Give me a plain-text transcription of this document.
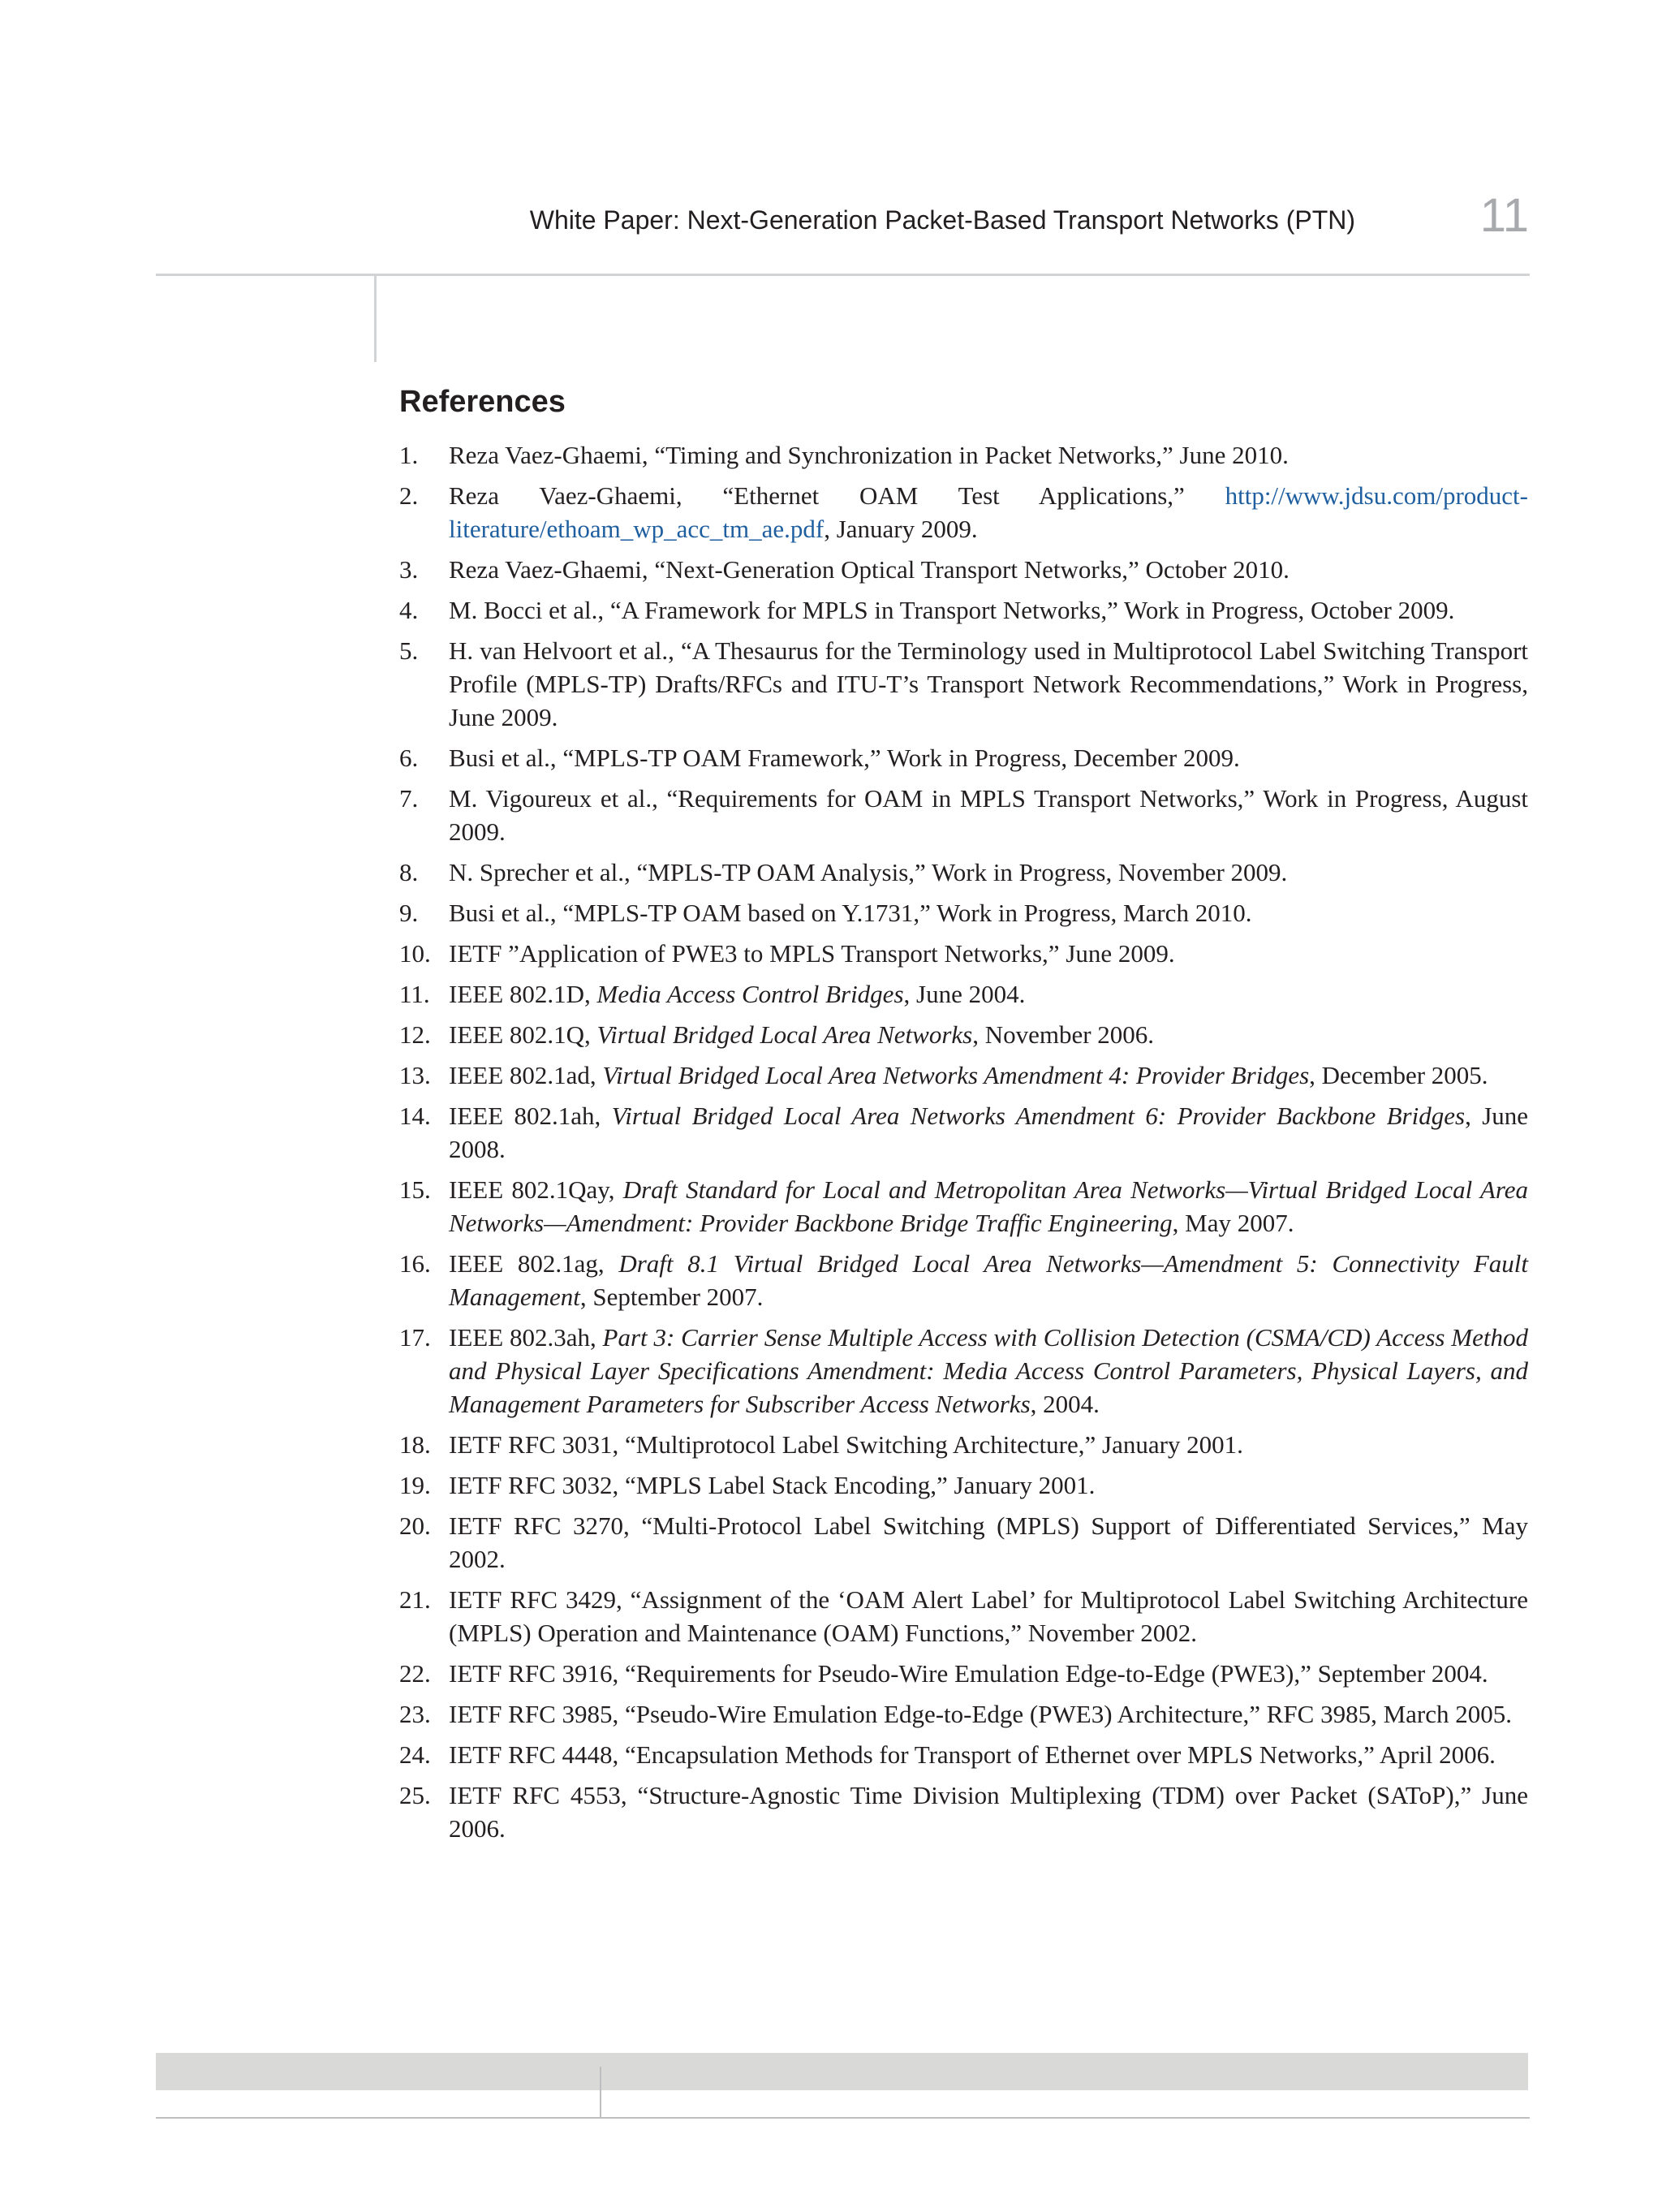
White Paper: Next-Generation Packet-Based Transport Networks (PTN)	11
References
1.	Reza Vaez-Ghaemi, “Timing and Synchronization in Packet Networks,” June 2010.
2.	Reza Vaez-Ghaemi, “Ethernet OAM Test Applications,” http://www.jdsu.com/product-literature/ethoam_wp_acc_tm_ae.pdf, January 2009.
3.	Reza Vaez-Ghaemi, “Next-Generation Optical Transport Networks,” October 2010.
4.	M. Bocci et al., “A Framework for MPLS in Transport Networks,” Work in Progress, October 2009.
5.	H. van Helvoort et al., “A Thesaurus for the Terminology used in Multiprotocol Label Switching Transport Profile (MPLS-TP) Drafts/RFCs and ITU-T’s Transport Network Recommendations,” Work in Progress, June 2009.
6.	Busi et al., “MPLS-TP OAM Framework,” Work in Progress, December 2009.
7.	M. Vigoureux et al., “Requirements for OAM in MPLS Transport Networks,” Work in Progress, August 2009.
8.	N. Sprecher et al., “MPLS-TP OAM Analysis,” Work in Progress, November 2009.
9.	Busi et al., “MPLS-TP OAM based on Y.1731,” Work in Progress, March 2010.
10. IETF ”Application of PWE3 to MPLS Transport Networks,” June 2009.
11. IEEE 802.1D, Media Access Control Bridges, June 2004.
12. IEEE 802.1Q, Virtual Bridged Local Area Networks, November 2006.
13. IEEE 802.1ad, Virtual Bridged Local Area Networks Amendment 4: Provider Bridges, December 2005.
14. IEEE 802.1ah, Virtual Bridged Local Area Networks Amendment 6: Provider Backbone Bridges, June 2008.
15. IEEE 802.1Qay, Draft Standard for Local and Metropolitan Area Networks—Virtual Bridged Local Area Networks—Amendment: Provider Backbone Bridge Traffic Engineering, May 2007.
16. IEEE 802.1ag, Draft 8.1 Virtual Bridged Local Area Networks—Amendment 5: Connectivity Fault Management, September 2007.
17. IEEE 802.3ah, Part 3: Carrier Sense Multiple Access with Collision Detection (CSMA/CD) Access Method and Physical Layer Specifications Amendment: Media Access Control Parameters, Physical Layers, and Management Parameters for Subscriber Access Networks, 2004.
18. IETF RFC 3031, “Multiprotocol Label Switching Architecture,” January 2001.
19. IETF RFC 3032, “MPLS Label Stack Encoding,” January 2001.
20. IETF RFC 3270, “Multi-Protocol Label Switching (MPLS) Support of Differentiated Services,” May 2002.
21. IETF RFC 3429, “Assignment of the ‘OAM Alert Label’ for Multiprotocol Label Switching Architecture (MPLS) Operation and Maintenance (OAM) Functions,” November 2002.
22. IETF RFC 3916, “Requirements for Pseudo-Wire Emulation Edge-to-Edge (PWE3),” September 2004.
23. IETF RFC 3985, “Pseudo-Wire Emulation Edge-to-Edge (PWE3) Architecture,” RFC 3985, March 2005.
24. IETF RFC 4448, “Encapsulation Methods for Transport of Ethernet over MPLS Networks,” April 2006.
25. IETF RFC 4553, “Structure-Agnostic Time Division Multiplexing (TDM) over Packet (SAToP),” June 2006.
